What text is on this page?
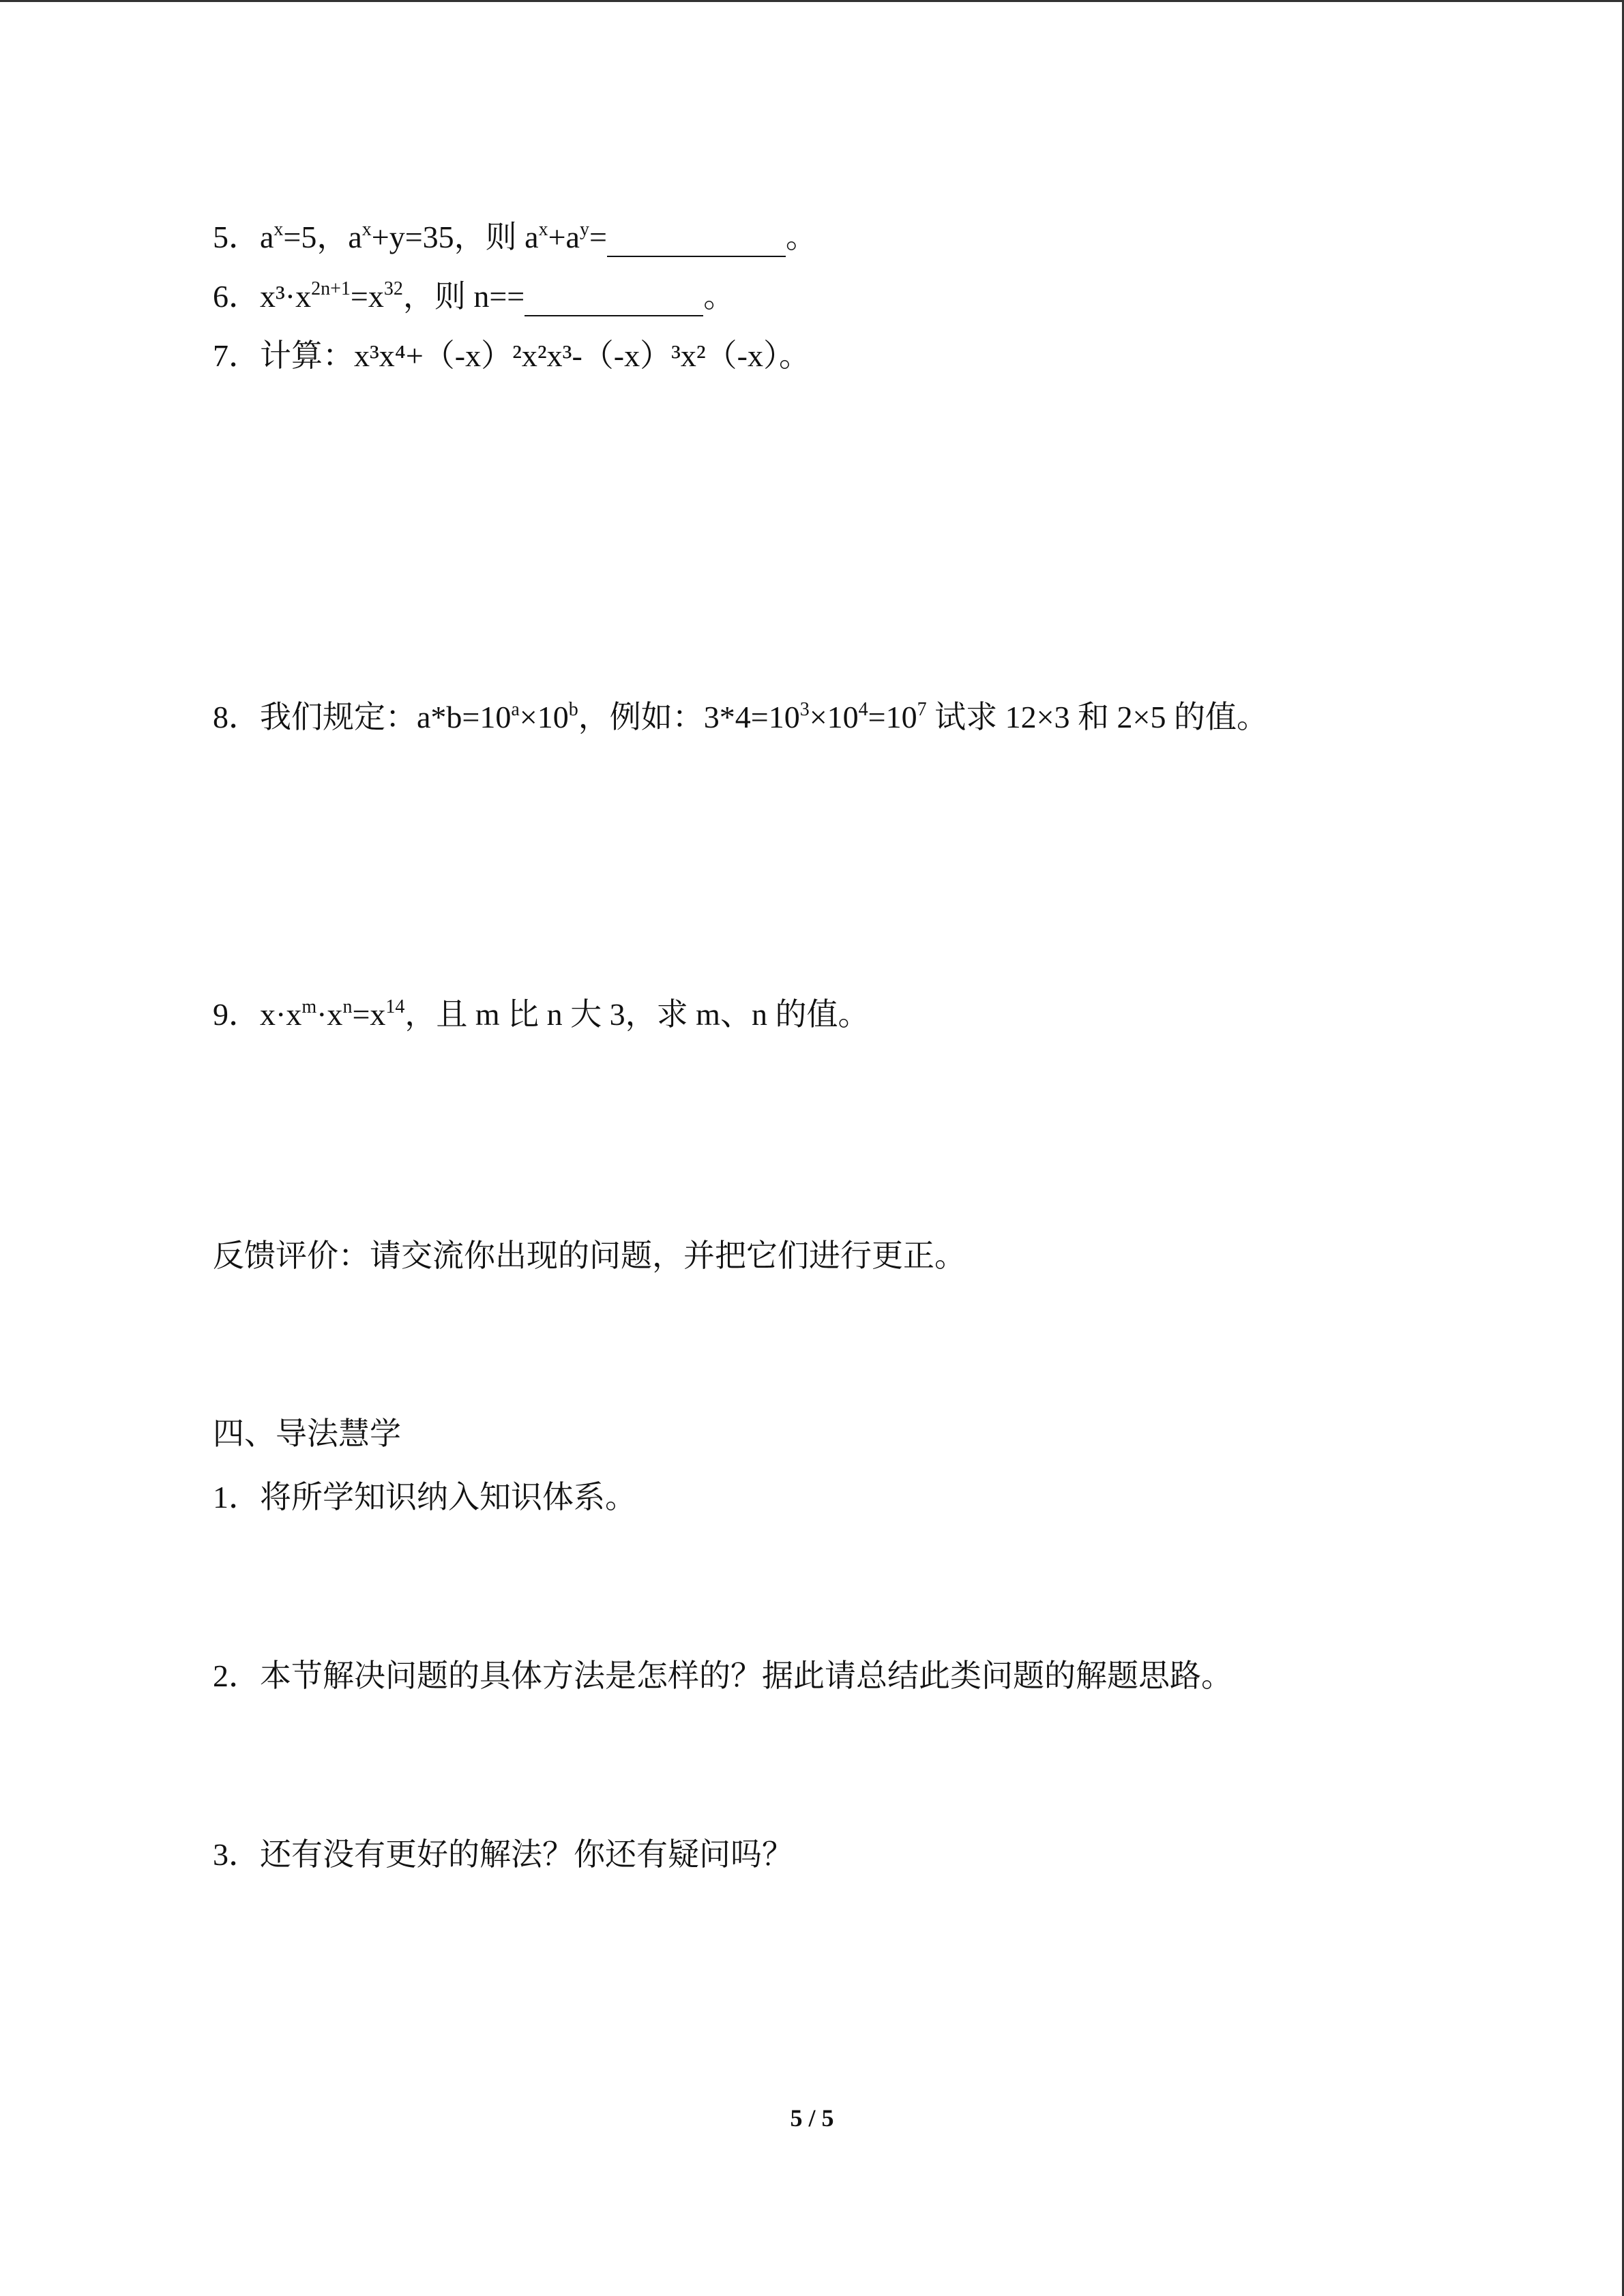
5．$a^x=5$，$a^x+y=35$，则 $a^x+a^y=$	。
6．$x^3\cdot x^{2n+1}=x^{32}$，则 n==	。
7．计算：x³x⁴+（-x）²x²x³-（-x）³x²（-x）。
8．我们规定：$a*b=10^a\times 10^b$，例如：$3*4=10^3\times 10^4=10^7$ 试求 12×3 和 2×5 的值。
9．$x\cdot x^m\cdot x^n=x^{14}$，且 m 比 n 大 3，求 m、n 的值。
反馈评价：请交流你出现的问题，并把它们进行更正。
四、导法慧学
1．将所学知识纳入知识体系。
2．本节解决问题的具体方法是怎样的？据此请总结此类问题的解题思路。
3．还有没有更好的解法？你还有疑问吗？
5 / 5
